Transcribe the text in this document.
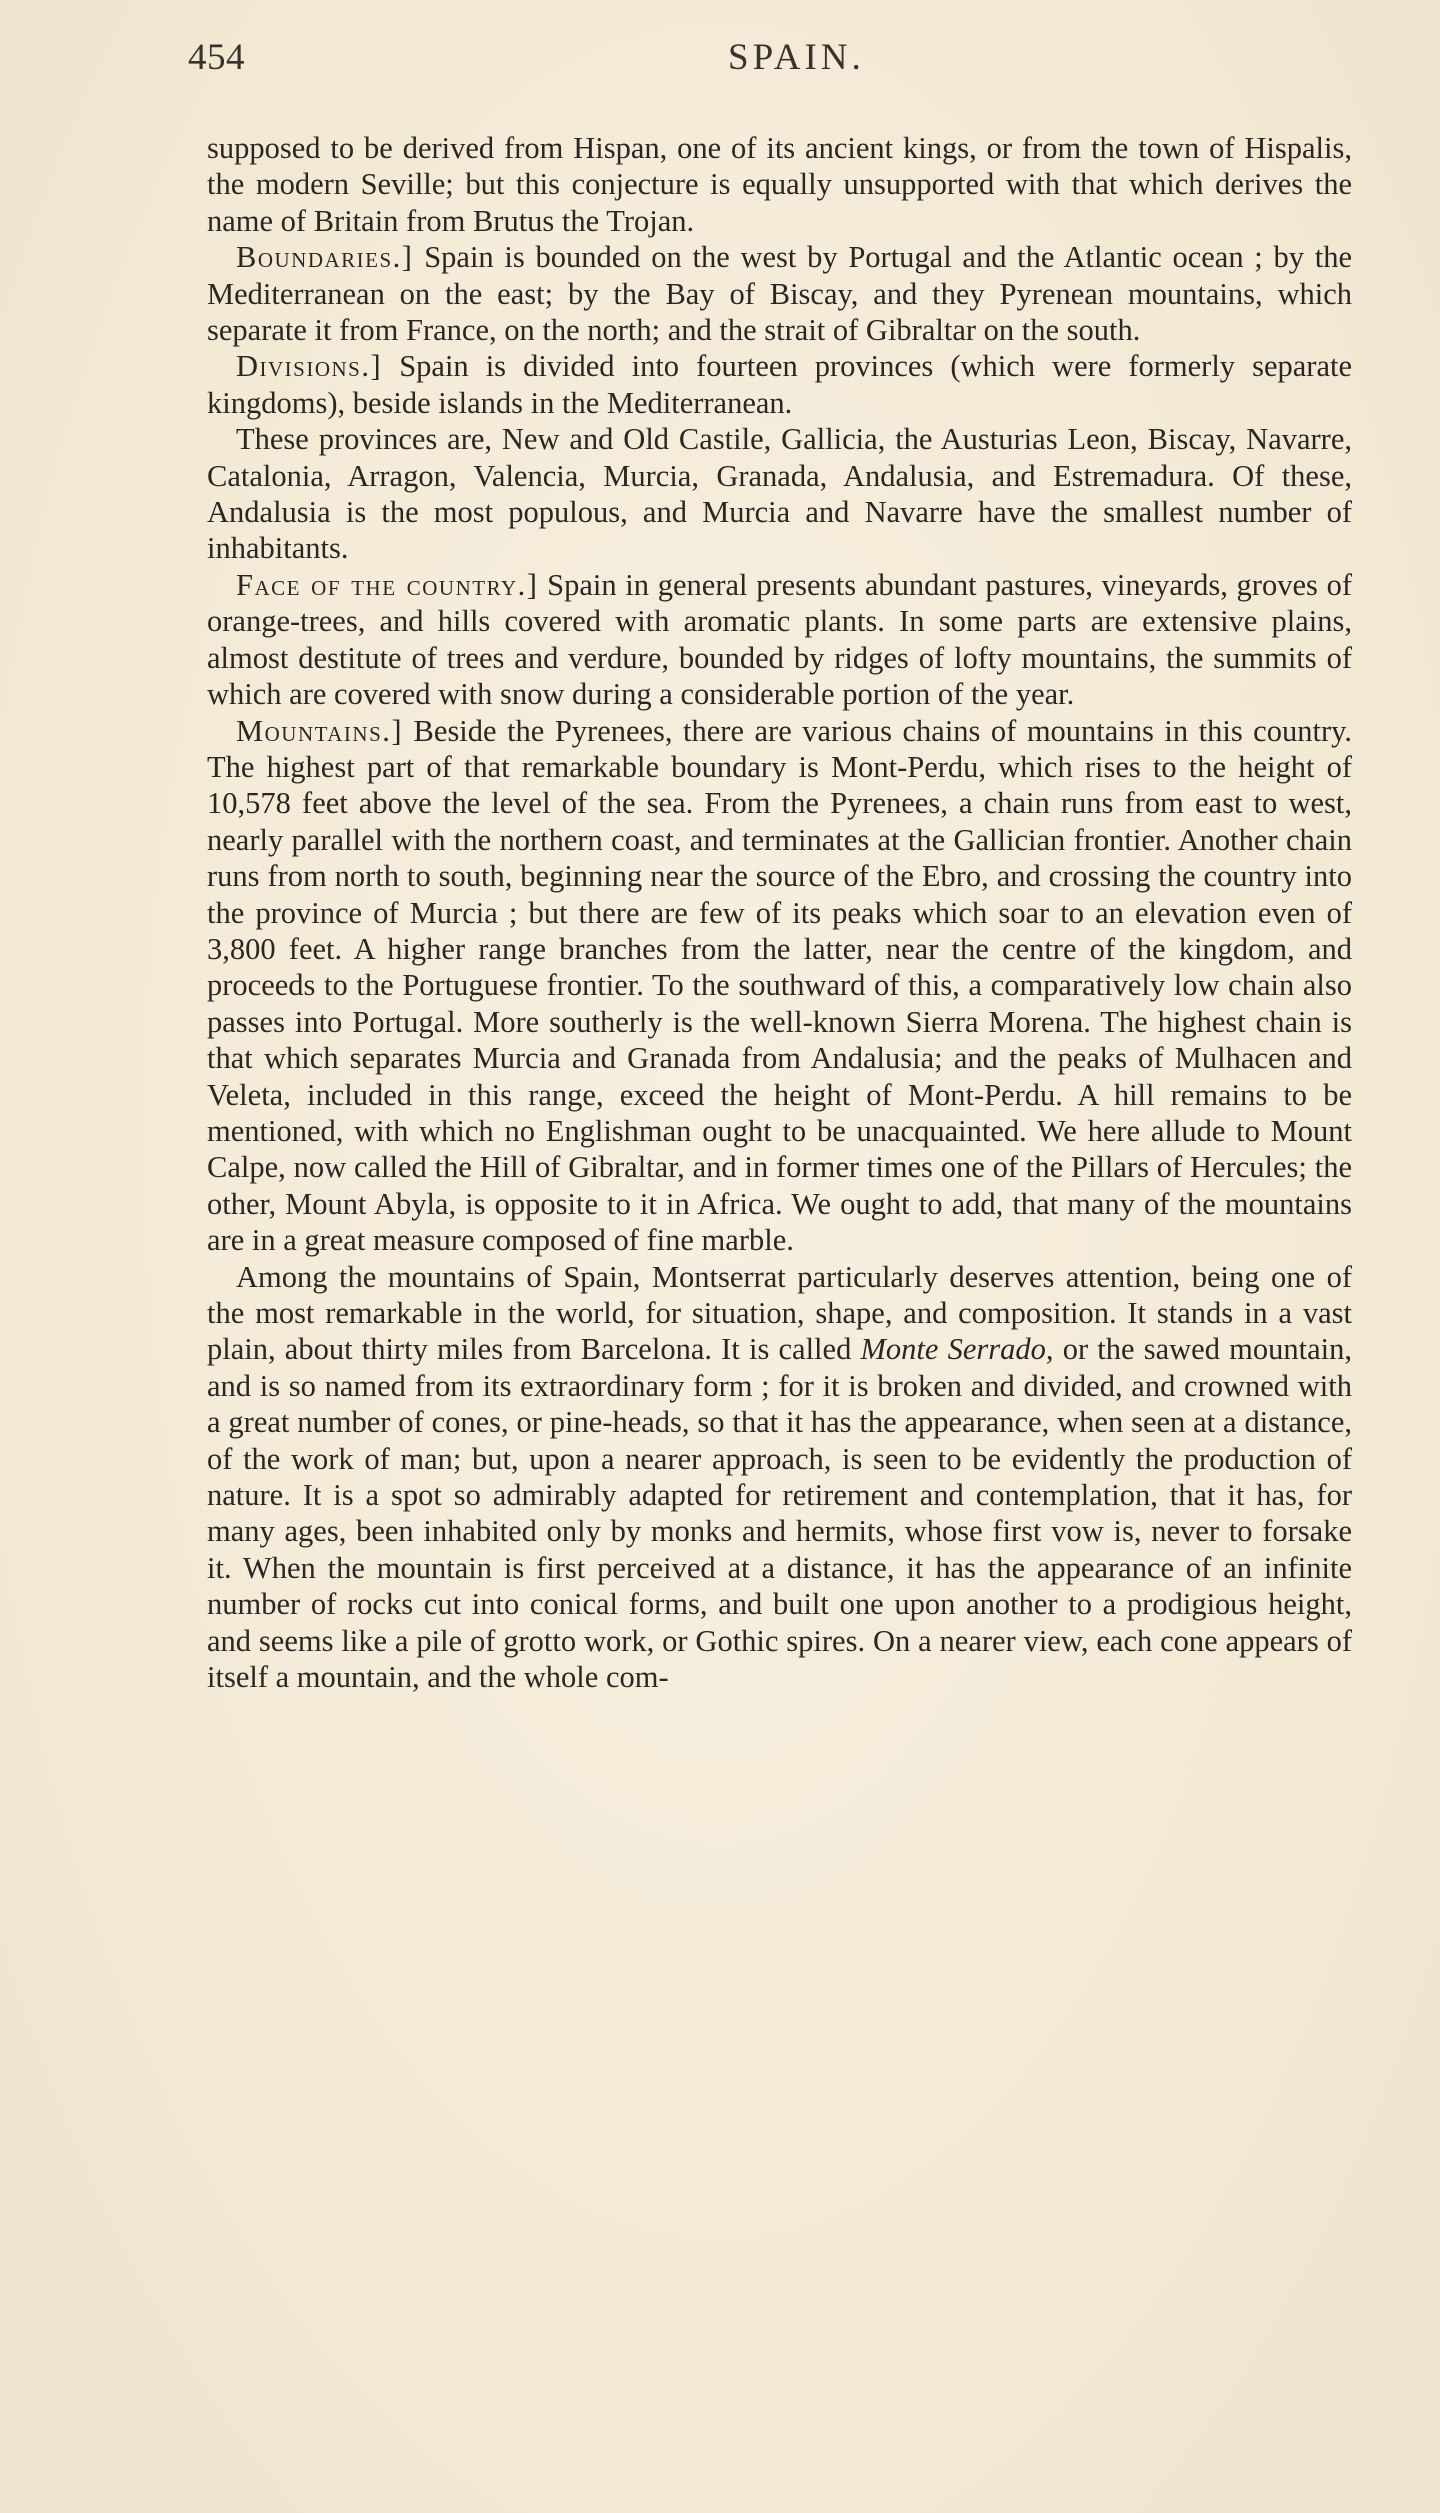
454	SPAIN.

supposed to be derived from Hispan, one of its ancient kings, or from the town of Hispalis, the modern Seville; but this conjecture is equally unsupported with that which derives the name of Britain from Brutus the Trojan.

Boundaries.] Spain is bounded on the west by Portugal and the Atlantic ocean ; by the Mediterranean on the east; by the Bay of Biscay, and they Pyrenean mountains, which separate it from France, on the north; and the strait of Gibraltar on the south.

Divisions.] Spain is divided into fourteen provinces (which were formerly separate kingdoms), beside islands in the Mediterranean.

These provinces are, New and Old Castile, Gallicia, the Austurias Leon, Biscay, Navarre, Catalonia, Arragon, Valencia, Murcia, Granada, Andalusia, and Estremadura. Of these, Andalusia is the most populous, and Murcia and Navarre have the smallest number of inhabitants.

Face of the country.] Spain in general presents abundant pastures, vineyards, groves of orange-trees, and hills covered with aromatic plants. In some parts are extensive plains, almost destitute of trees and verdure, bounded by ridges of lofty mountains, the summits of which are covered with snow during a considerable portion of the year.

Mountains.] Beside the Pyrenees, there are various chains of mountains in this country. The highest part of that remarkable boundary is Mont-Perdu, which rises to the height of 10,578 feet above the level of the sea. From the Pyrenees, a chain runs from east to west, nearly parallel with the northern coast, and terminates at the Gallician frontier. Another chain runs from north to south, beginning near the source of the Ebro, and crossing the country into the province of Murcia ; but there are few of its peaks which soar to an elevation even of 3,800 feet. A higher range branches from the latter, near the centre of the kingdom, and proceeds to the Portuguese frontier. To the southward of this, a comparatively low chain also passes into Portugal. More southerly is the well-known Sierra Morena. The highest chain is that which separates Murcia and Granada from Andalusia; and the peaks of Mulhacen and Veleta, included in this range, exceed the height of Mont-Perdu. A hill remains to be mentioned, with which no Englishman ought to be unacquainted. We here allude to Mount Calpe, now called the Hill of Gibraltar, and in former times one of the Pillars of Hercules; the other, Mount Abyla, is opposite to it in Africa. We ought to add, that many of the mountains are in a great measure composed of fine marble.

Among the mountains of Spain, Montserrat particularly deserves attention, being one of the most remarkable in the world, for situation, shape, and composition. It stands in a vast plain, about thirty miles from Barcelona. It is called Monte Serrado, or the sawed mountain, and is so named from its extraordinary form ; for it is broken and divided, and crowned with a great number of cones, or pine-heads, so that it has the appearance, when seen at a distance, of the work of man; but, upon a nearer approach, is seen to be evidently the production of nature. It is a spot so admirably adapted for retirement and contemplation, that it has, for many ages, been inhabited only by monks and hermits, whose first vow is, never to forsake it. When the mountain is first perceived at a distance, it has the appearance of an infinite number of rocks cut into conical forms, and built one upon another to a prodigious height, and seems like a pile of grotto work, or Gothic spires. On a nearer view, each cone appears of itself a mountain, and the whole com-
